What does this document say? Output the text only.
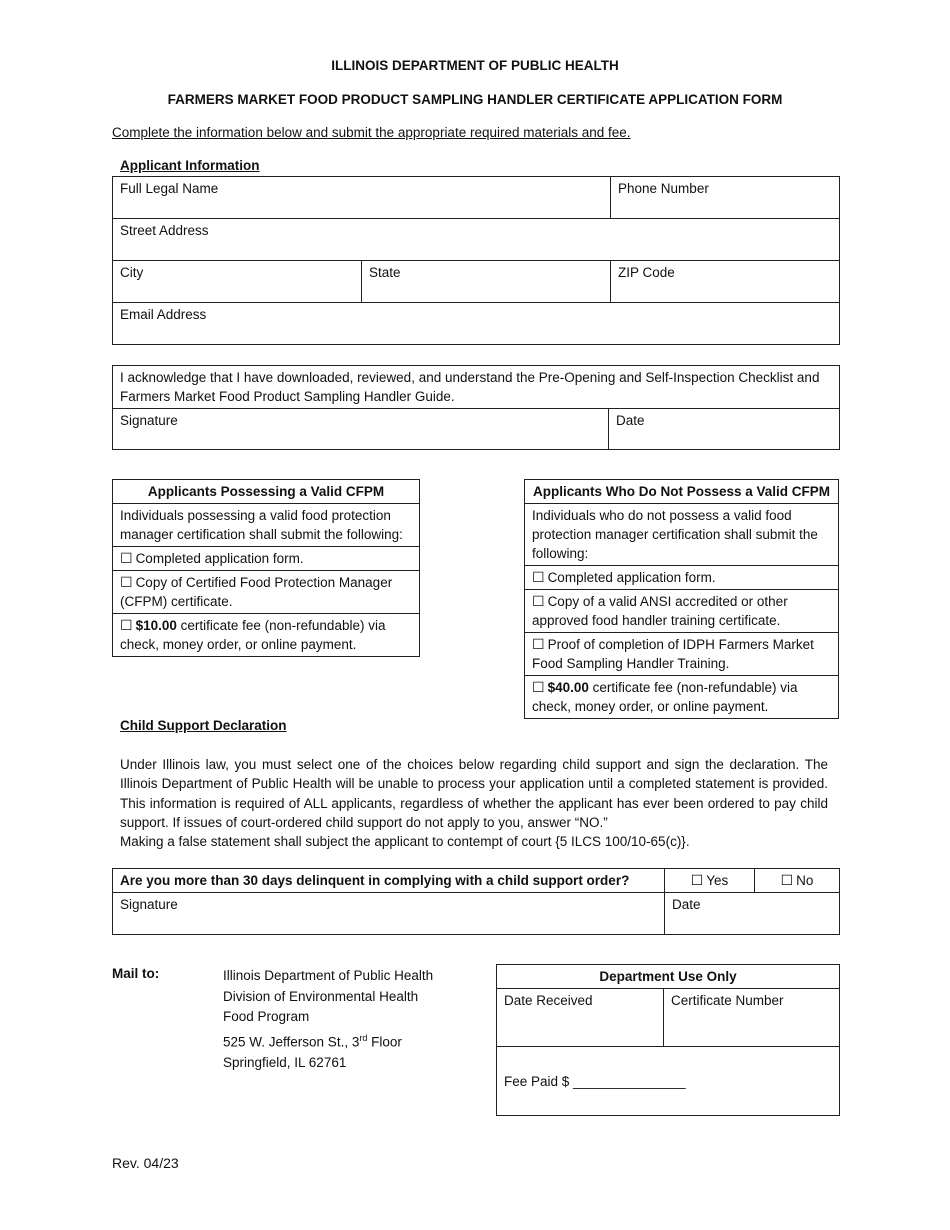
ILLINOIS DEPARTMENT OF PUBLIC HEALTH
FARMERS MARKET FOOD PRODUCT SAMPLING HANDLER CERTIFICATE APPLICATION FORM
Complete the information below and submit the appropriate required materials and fee.
Applicant Information
Full Legal Name		Phone Number
Street Address		
City	State	ZIP Code
Email Address		
I acknowledge that I have downloaded, reviewed, and understand the Pre-Opening and Self-Inspection Checklist and Farmers Market Food Product Sampling Handler Guide.
Signature	Date
Applicants Possessing a Valid CFPM
Individuals possessing a valid food protection manager certification shall submit the following:
☐ Completed application form.
☐ Copy of Certified Food Protection Manager (CFPM) certificate.
☐ $10.00 certificate fee (non-refundable) via check, money order, or online payment.
Applicants Who Do Not Possess a Valid CFPM
Individuals who do not possess a valid food protection manager certification shall submit the following:
☐ Completed application form.
☐ Copy of a valid ANSI accredited or other approved food handler training certificate.
☐ Proof of completion of IDPH Farmers Market Food Sampling Handler Training.
☐ $40.00 certificate fee (non-refundable) via check, money order, or online payment.
Child Support Declaration
Under Illinois law, you must select one of the choices below regarding child support and sign the declaration. The Illinois Department of Public Health will be unable to process your application until a completed statement is provided. This information is required of ALL applicants, regardless of whether the applicant has ever been ordered to pay child support. If issues of court-ordered child support do not apply to you, answer “NO.”
Making a false statement shall subject the applicant to contempt of court {5 ILCS 100/10-65(c)}.
Are you more than 30 days delinquent in complying with a child support order?	☐ Yes	☐ No
Signature	Date	
Mail to:	Illinois Department of Public Health
Division of Environmental Health
Food Program
525 W. Jefferson St., 3rd Floor
Springfield, IL 62761
Department Use Only
Date Received	Certificate Number
Fee Paid $ _______________
Rev. 04/23
